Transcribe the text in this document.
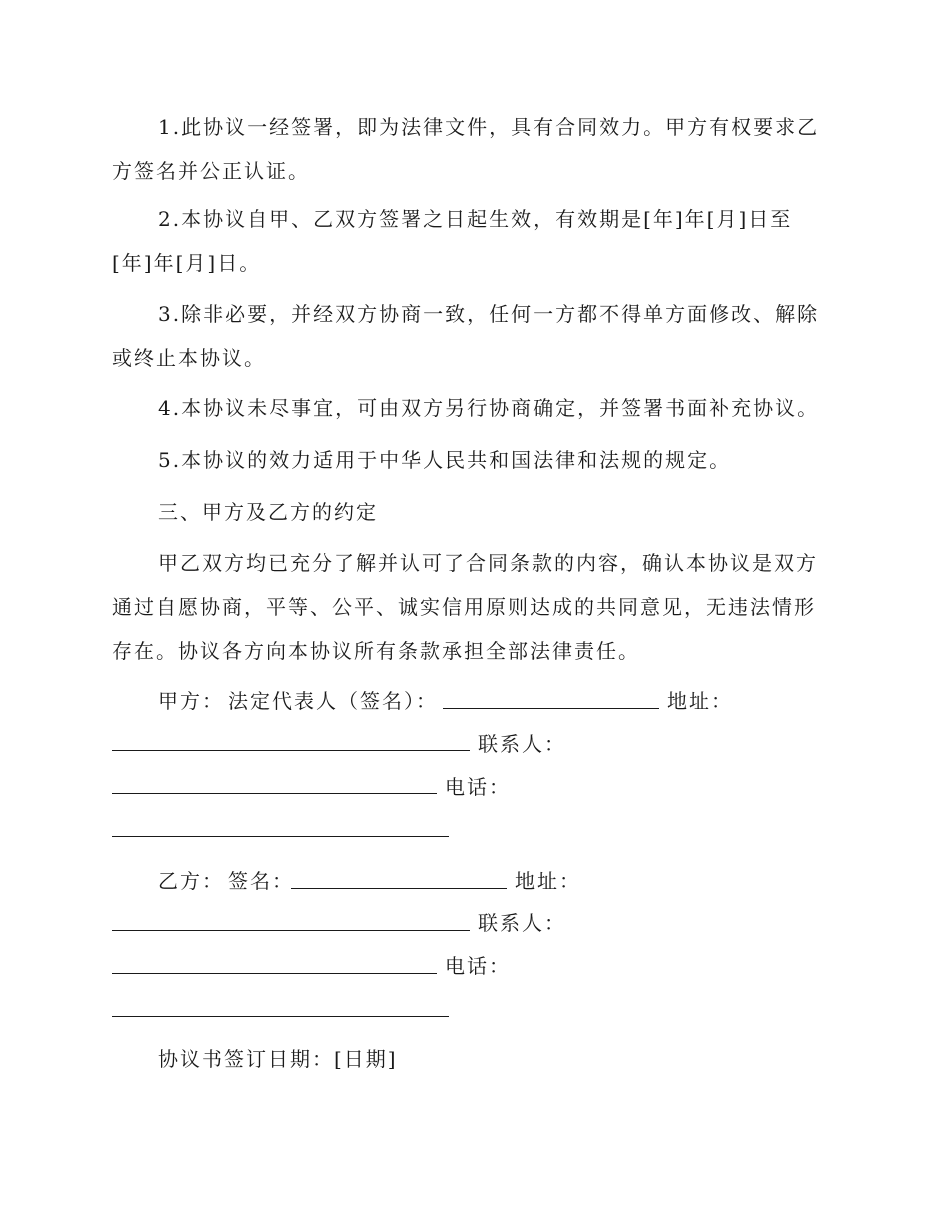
1.此协议一经签署，即为法律文件，具有合同效力。甲方有权要求乙方签名并公正认证。

2.本协议自甲、乙双方签署之日起生效，有效期是[年]年[月]日至[年]年[月]日。

3.除非必要，并经双方协商一致，任何一方都不得单方面修改、解除或终止本协议。

4.本协议未尽事宜，可由双方另行协商确定，并签署书面补充协议。

5.本协议的效力适用于中华人民共和国法律和法规的规定。

三、甲方及乙方的约定

甲乙双方均已充分了解并认可了合同条款的内容，确认本协议是双方通过自愿协商，平等、公平、诚实信用原则达成的共同意见，无违法情形存在。协议各方向本协议所有条款承担全部法律责任。

甲方： 法定代表人（签名）：	地址：
联系人：
电话：
乙方： 签名：	地址：
联系人：
电话：
协议书签订日期：[日期]
